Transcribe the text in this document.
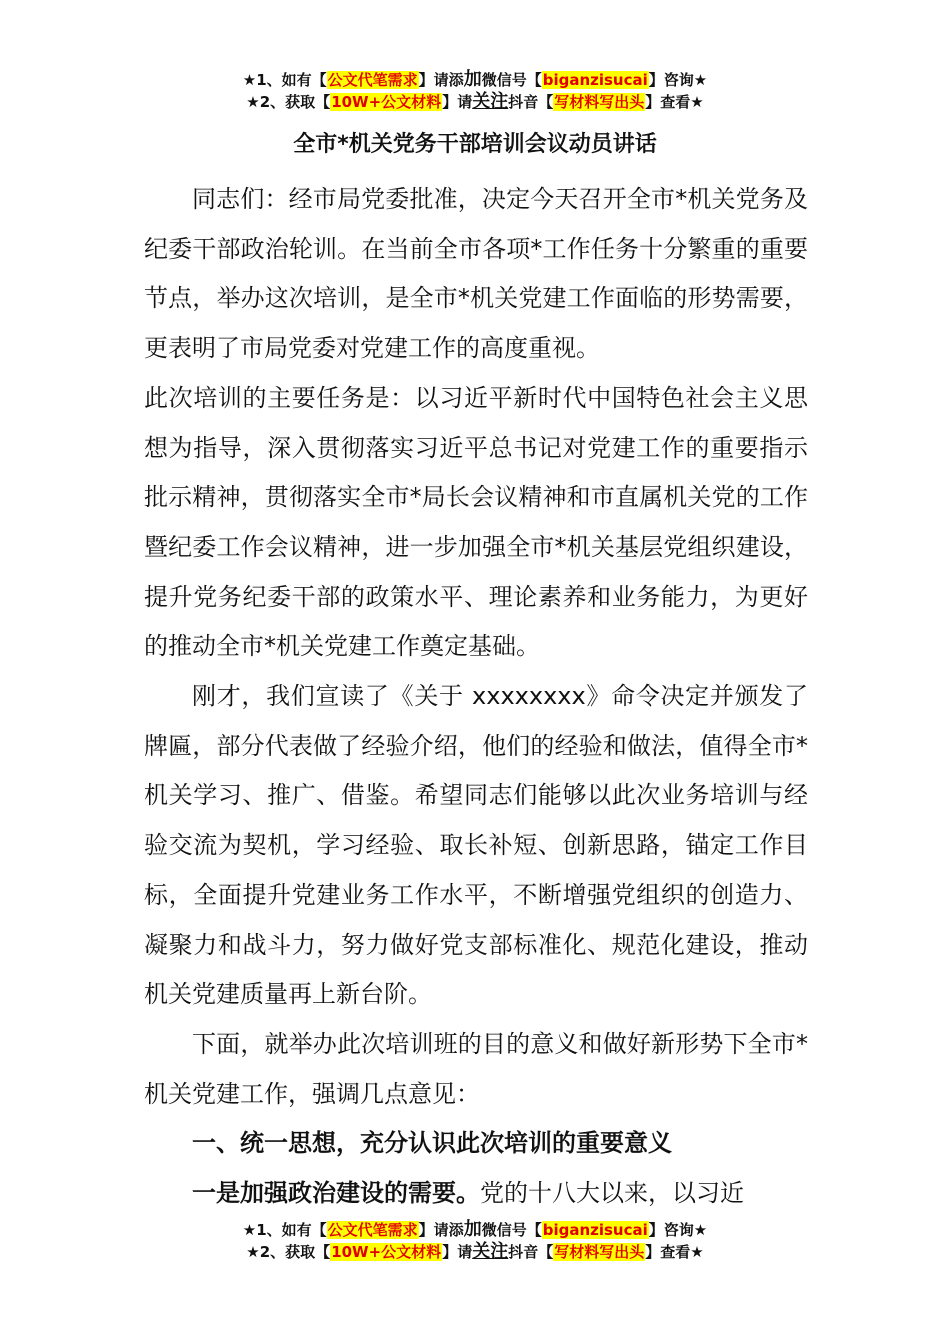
★1、如有【公文代笔需求】请添加微信号【biganzisucai】咨询★
★2、获取【10W+公文材料】请关注抖音【写材料写出头】查看★
全市*机关党务干部培训会议动员讲话

同志们：经市局党委批准，决定今天召开全市*机关党务及纪委干部政治轮训。在当前全市各项*工作任务十分繁重的重要节点，举办这次培训，是全市*机关党建工作面临的形势需要，更表明了市局党委对党建工作的高度重视。

此次培训的主要任务是：以习近平新时代中国特色社会主义思想为指导，深入贯彻落实习近平总书记对党建工作的重要指示批示精神，贯彻落实全市*局长会议精神和市直属机关党的工作暨纪委工作会议精神，进一步加强全市*机关基层党组织建设，提升党务纪委干部的政策水平、理论素养和业务能力，为更好的推动全市*机关党建工作奠定基础。

刚才，我们宣读了《关于 xxxxxxxx》命令决定并颁发了牌匾，部分代表做了经验介绍，他们的经验和做法，值得全市*机关学习、推广、借鉴。希望同志们能够以此次业务培训与经验交流为契机，学习经验、取长补短、创新思路，锚定工作目标，全面提升党建业务工作水平，不断增强党组织的创造力、凝聚力和战斗力，努力做好党支部标准化、规范化建设，推动机关党建质量再上新台阶。

下面，就举办此次培训班的目的意义和做好新形势下全市*机关党建工作，强调几点意见：

一、统一思想，充分认识此次培训的重要意义

一是加强政治建设的需要。党的十八大以来，以习近

★1、如有【公文代笔需求】请添加微信号【biganzisucai】咨询★
★2、获取【10W+公文材料】请关注抖音【写材料写出头】查看★
